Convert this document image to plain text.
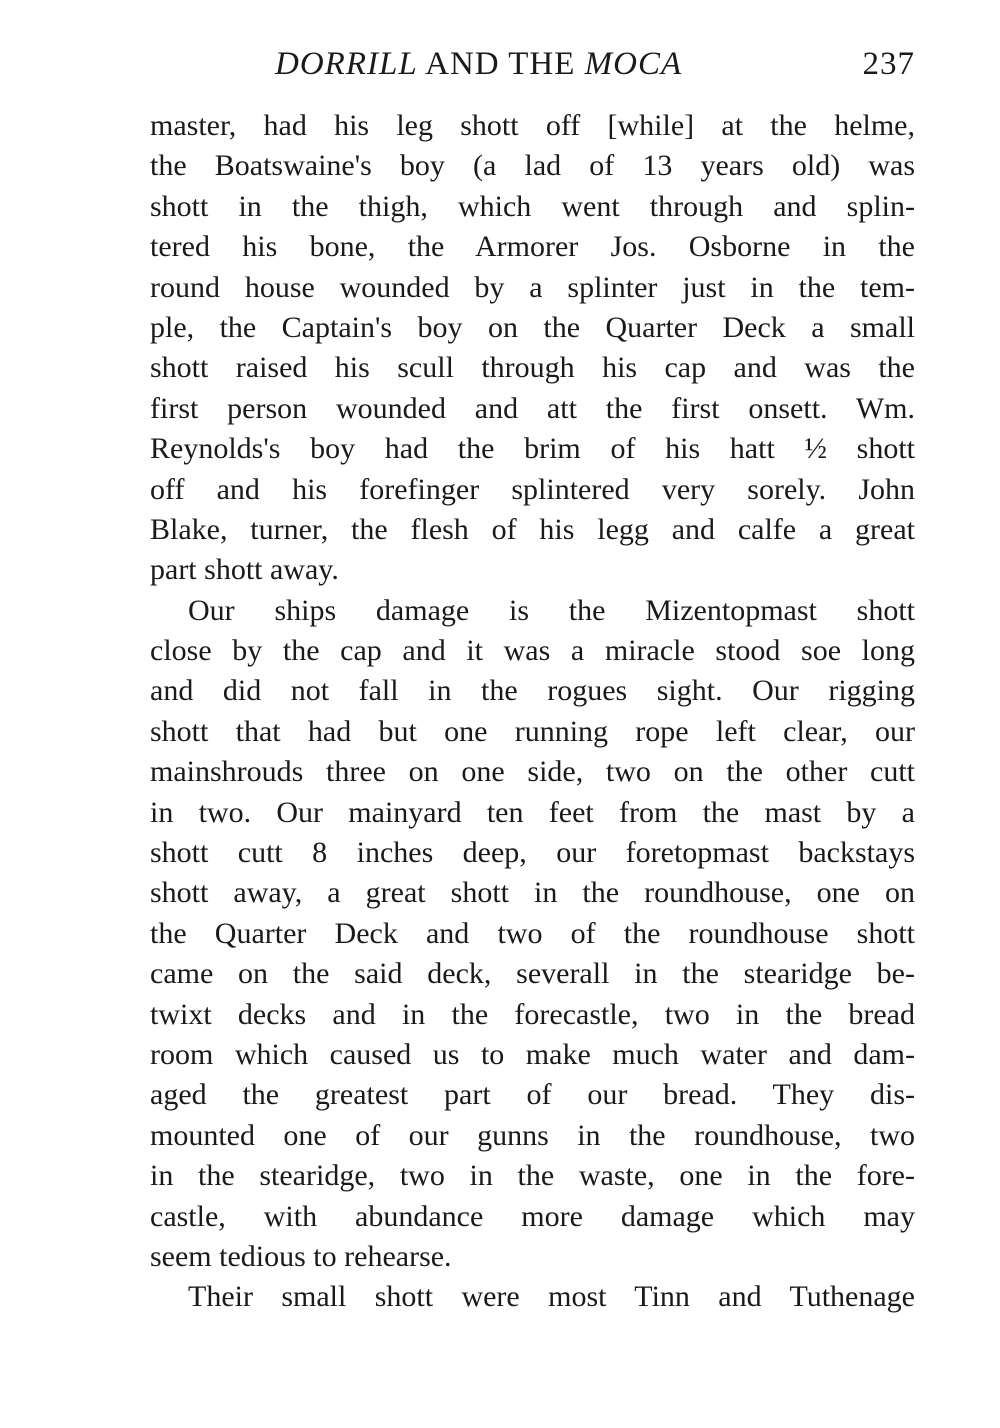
DORRILL AND THE MOCA	237
master, had his leg shott off [while] at the helme,
the Boatswaine's boy (a lad of 13 years old) was
shott in the thigh, which went through and splin-
tered his bone, the Armorer Jos. Osborne in the
round house wounded by a splinter just in the tem-
ple, the Captain's boy on the Quarter Deck a small
shott raised his scull through his cap and was the
first person wounded and att the first onsett. Wm.
Reynolds's boy had the brim of his hatt ½ shott
off and his forefinger splintered very sorely. John
Blake, turner, the flesh of his legg and calfe a great
part shott away.
Our ships damage is the Mizentopmast shott
close by the cap and it was a miracle stood soe long
and did not fall in the rogues sight. Our rigging
shott that had but one running rope left clear, our
mainshrouds three on one side, two on the other cutt
in two. Our mainyard ten feet from the mast by a
shott cutt 8 inches deep, our foretopmast backstays
shott away, a great shott in the roundhouse, one on
the Quarter Deck and two of the roundhouse shott
came on the said deck, severall in the stearidge be-
twixt decks and in the forecastle, two in the bread
room which caused us to make much water and dam-
aged the greatest part of our bread. They dis-
mounted one of our gunns in the roundhouse, two
in the stearidge, two in the waste, one in the fore-
castle, with abundance more damage which may
seem tedious to rehearse.
Their small shott were most Tinn and Tuthenage
